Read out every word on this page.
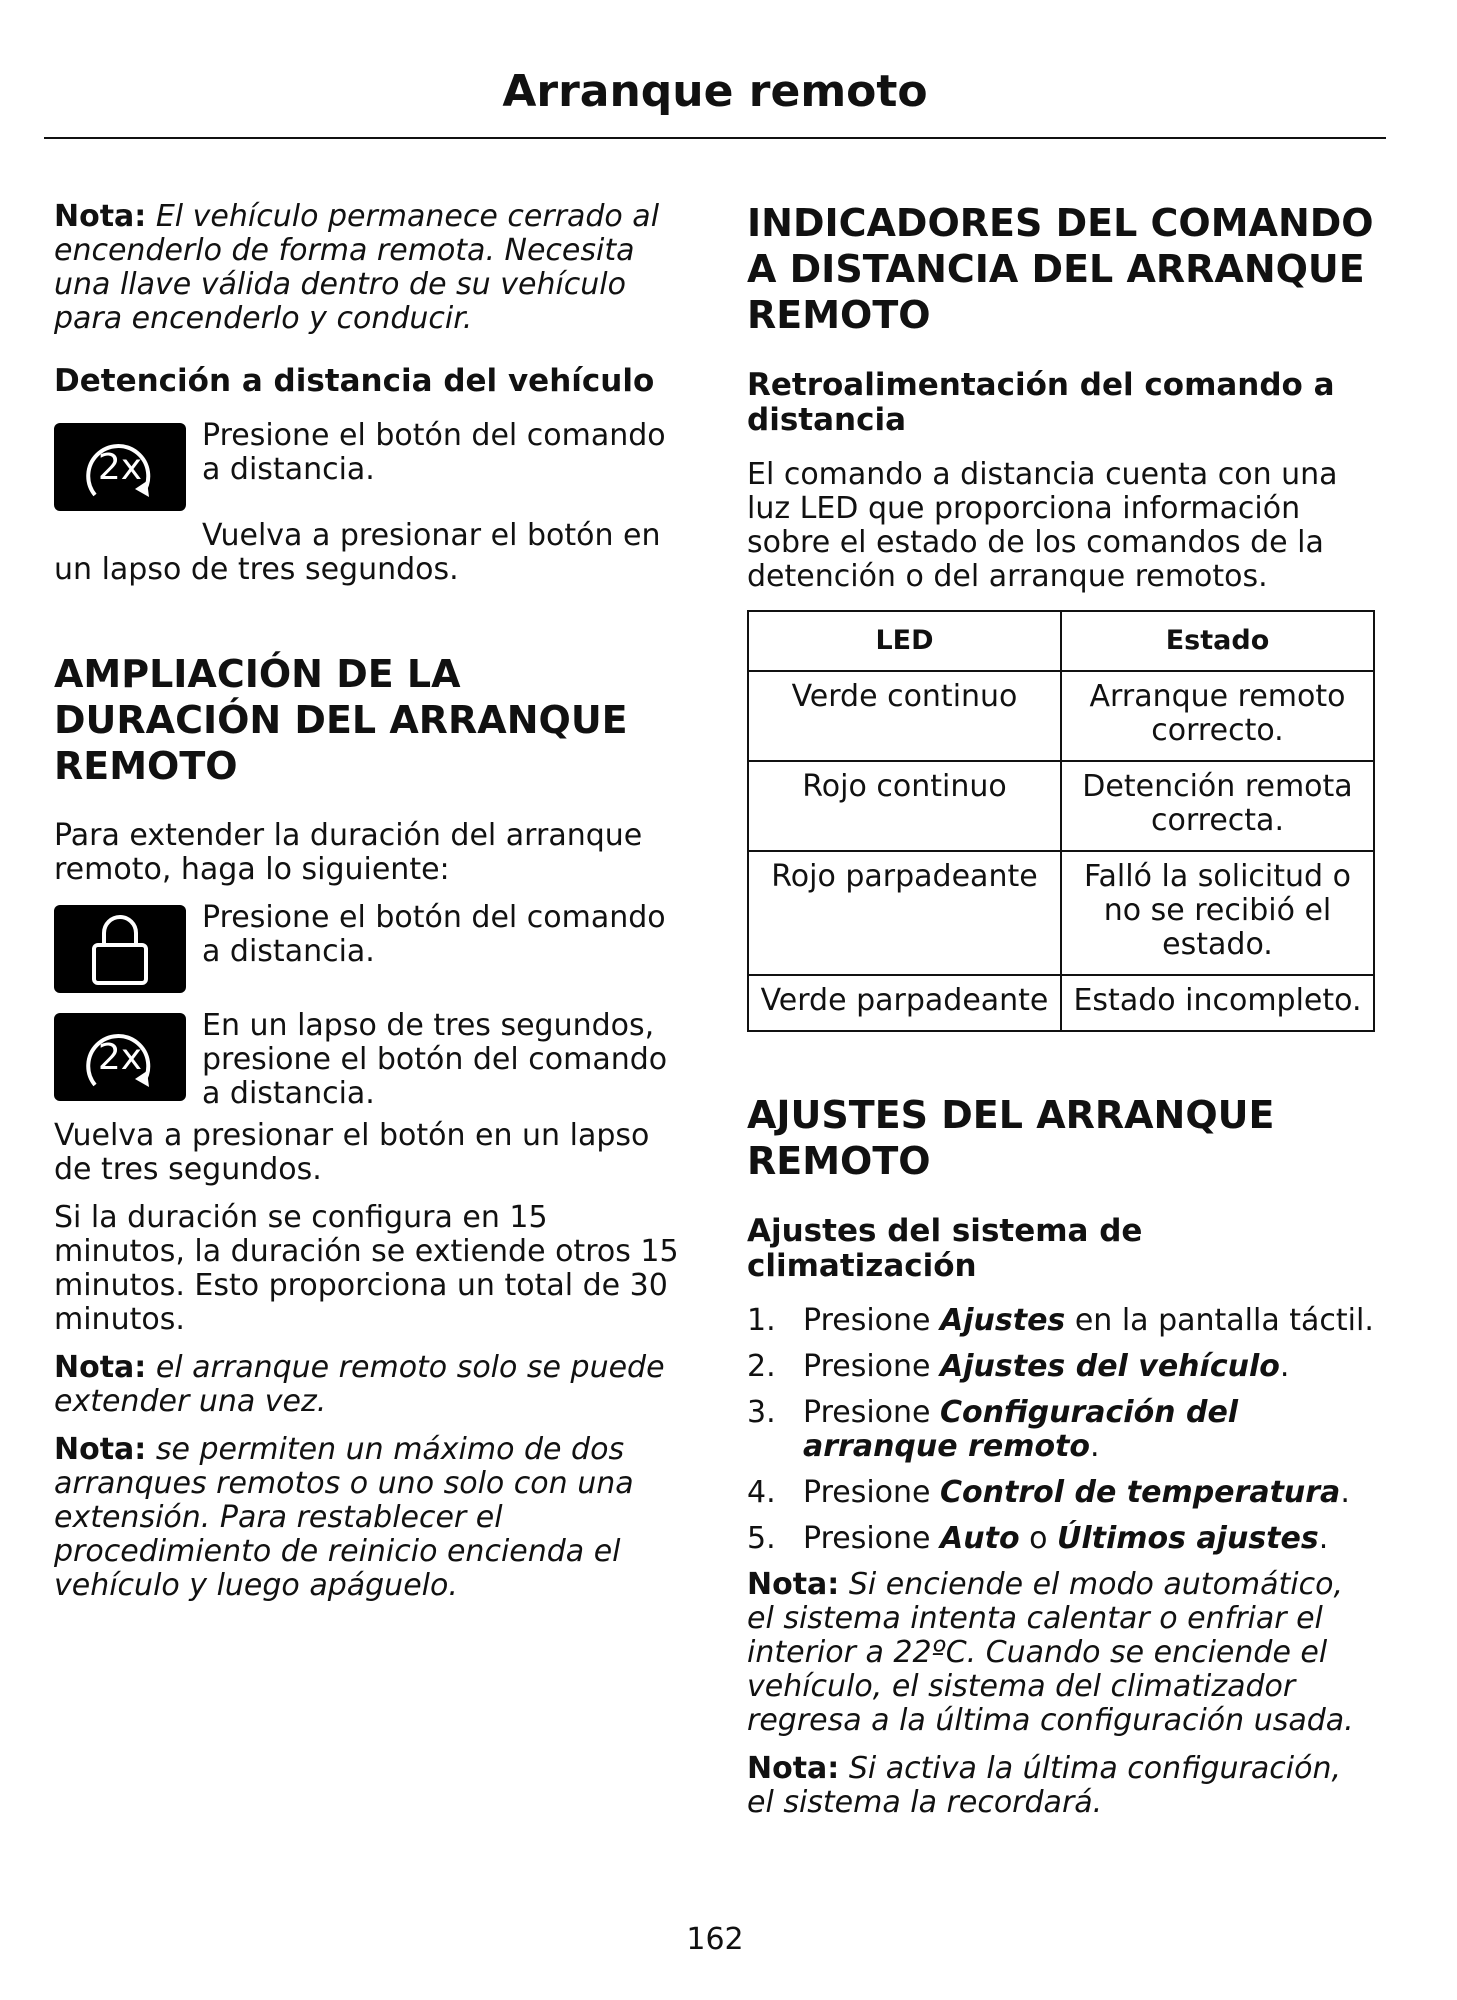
Arranque remoto

Nota: El vehículo permanece cerrado al encenderlo de forma remota. Necesita una llave válida dentro de su vehículo para encenderlo y conducir.

Detención a distancia del vehículo
2x
Presione el botón del comando a distancia.

Vuelva a presionar el botón en un lapso de tres segundos.

AMPLIACIÓN DE LA DURACIÓN DEL ARRANQUE REMOTO

Para extender la duración del arranque remoto, haga lo siguiente:

Presione el botón del comando a distancia.
2x
En un lapso de tres segundos, presione el botón del comando a distancia.

Vuelva a presionar el botón en un lapso de tres segundos.

Si la duración se configura en 15 minutos, la duración se extiende otros 15 minutos. Esto proporciona un total de 30 minutos.

Nota: el arranque remoto solo se puede extender una vez.

Nota: se permiten un máximo de dos arranques remotos o uno solo con una extensión. Para restablecer el procedimiento de reinicio encienda el vehículo y luego apáguelo.

INDICADORES DEL COMANDO A DISTANCIA DEL ARRANQUE REMOTO
Retroalimentación del comando a distancia

El comando a distancia cuenta con una luz LED que proporciona información sobre el estado de los comandos de la detención o del arranque remotos.

LED	Estado
Verde continuo	Arranque remoto correcto.
Rojo continuo	Detención remota correcta.
Rojo parpadeante	Falló la solicitud o no se recibió el estado.
Verde parpadeante	Estado incompleto.
AJUSTES DEL ARRANQUE REMOTO
Ajustes del sistema de climatización
1. Presione Ajustes en la pantalla táctil.
2. Presione Ajustes del vehículo.
3. Presione Configuración del arranque remoto.
4. Presione Control de temperatura.
5. Presione Auto o Últimos ajustes.

Nota: Si enciende el modo automático, el sistema intenta calentar o enfriar el interior a 22ºC. Cuando se enciende el vehículo, el sistema del climatizador regresa a la última configuración usada.

Nota: Si activa la última configuración, el sistema la recordará.

162
